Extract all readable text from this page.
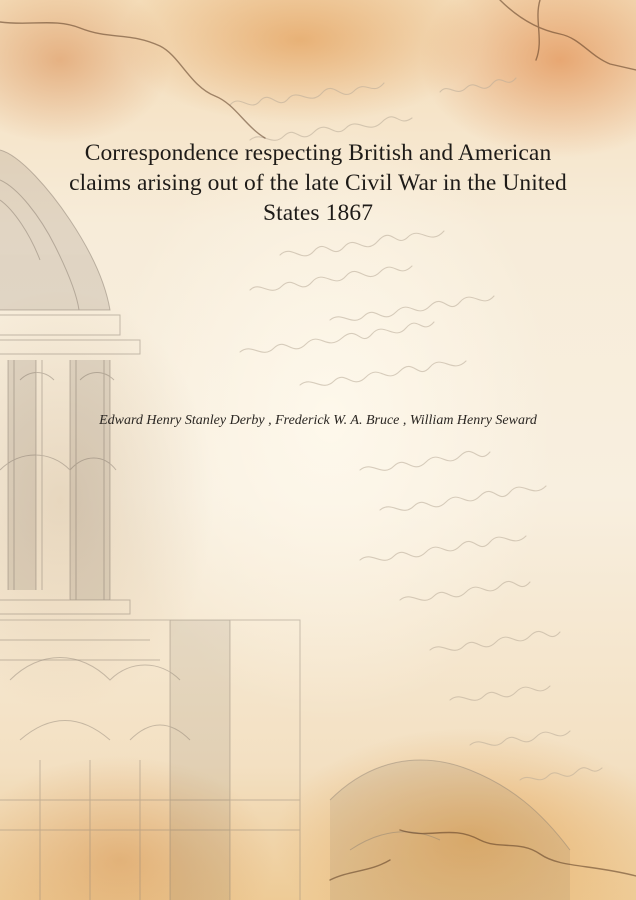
Correspondence respecting British and American claims arising out of the late Civil War in the United States 1867

Edward Henry Stanley Derby , Frederick W. A. Bruce , William Henry Seward
